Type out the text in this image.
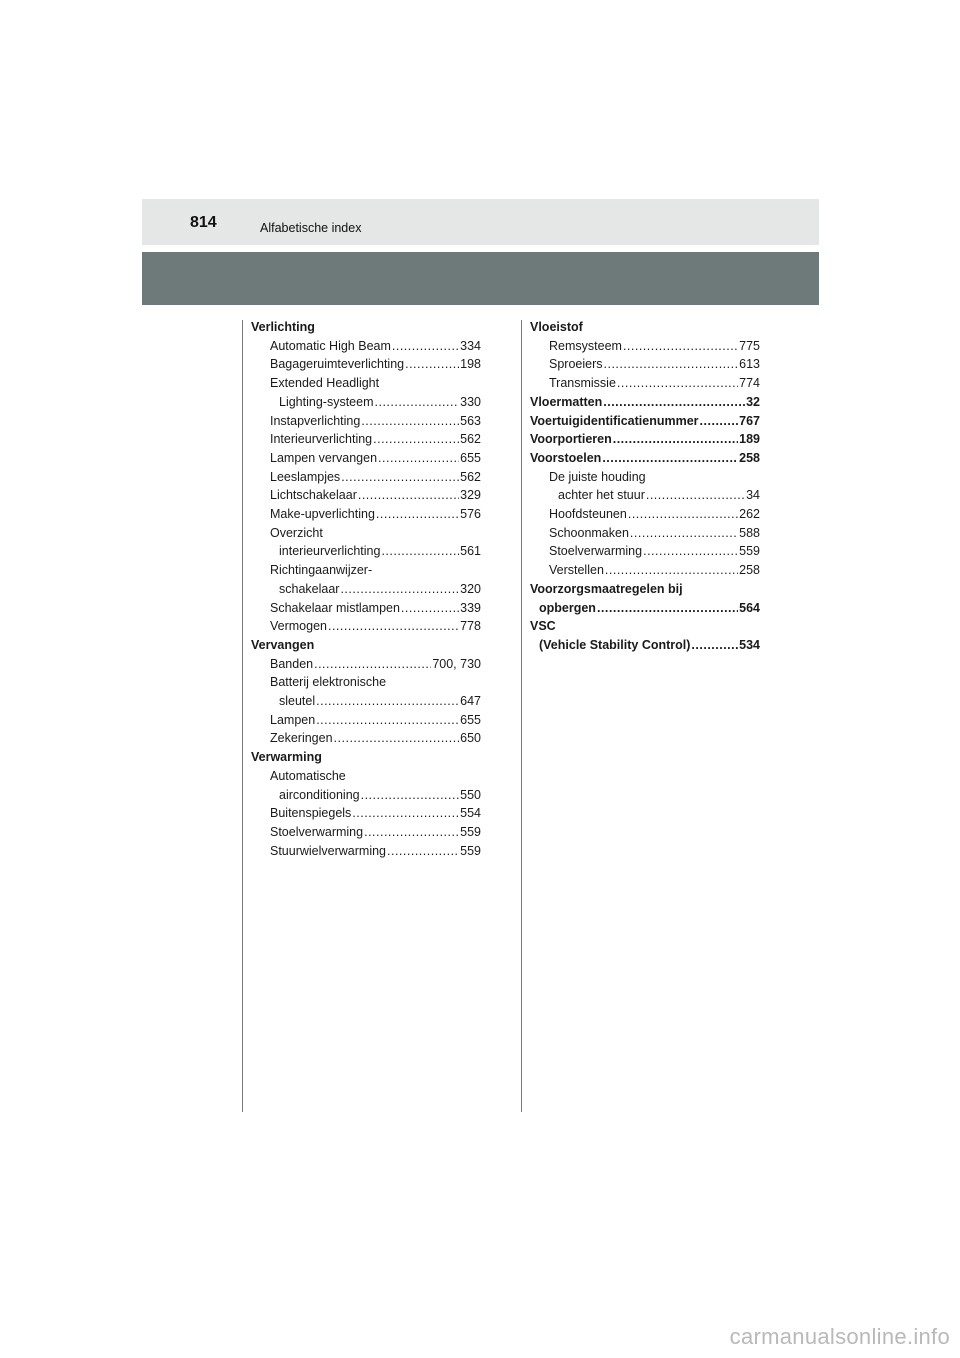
814	Alfabetische index
Verlichting
Automatic High Beam .....	334
Bagageruimteverlichting .....	198
Extended Headlight
Lighting-systeem .....	330
Instapverlichting .....	563
Interieurverlichting .....	562
Lampen vervangen .....	655
Leeslampjes .....	562
Lichtschakelaar .....	329
Make-upverlichting .....	576
Overzicht
interieurverlichting .....	561
Richtingaanwijzer-
schakelaar .....	320
Schakelaar mistlampen .....	339
Vermogen .....	778
Vervangen
Banden .....	700, 730
Batterij elektronische
sleutel .....	647
Lampen .....	655
Zekeringen .....	650
Verwarming
Automatische
airconditioning .....	550
Buitenspiegels .....	554
Stoelverwarming .....	559
Stuurwielverwarming .....	559
Vloeistof
Remsysteem .....	775
Sproeiers .....	613
Transmissie .....	774
Vloermatten .....	32
Voertuigidentificatienummer .....	767
Voorportieren .....	189
Voorstoelen .....	258
De juiste houding
achter het stuur .....	34
Hoofdsteunen .....	262
Schoonmaken .....	588
Stoelverwarming .....	559
Verstellen .....	258
Voorzorgsmaatregelen bij
opbergen .....	564
VSC
(Vehicle Stability Control) .....	534
carmanualsonline.info
